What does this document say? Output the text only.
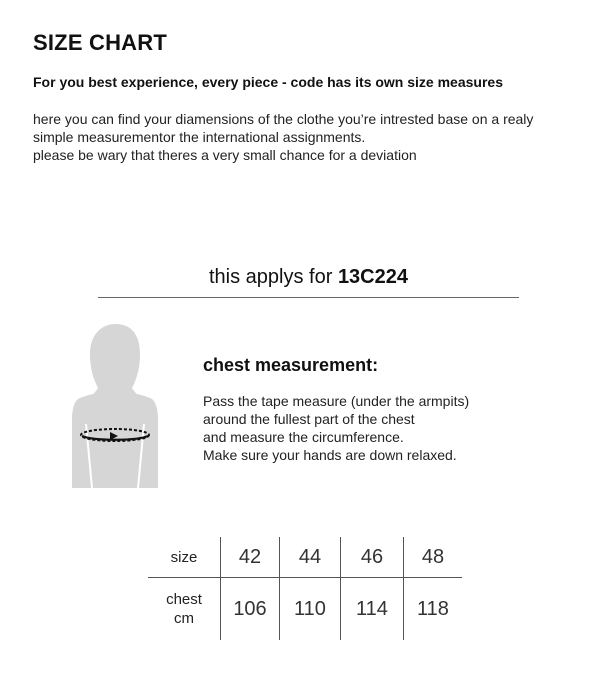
SIZE CHART
For you best experience, every piece - code has its own size measures
here you can find your diamensions of the clothe you’re intrested base on a realy
simple measurementor the international assignments.
please be wary that theres a very small chance for a deviation
this applys for 13C224
chest measurement:
Pass the tape measure (under the armpits)
around the fullest part of the chest
and measure the circumference.
Make sure your hands are down relaxed.
size	42	44	46	48

chest
cm	106	110	114	118
